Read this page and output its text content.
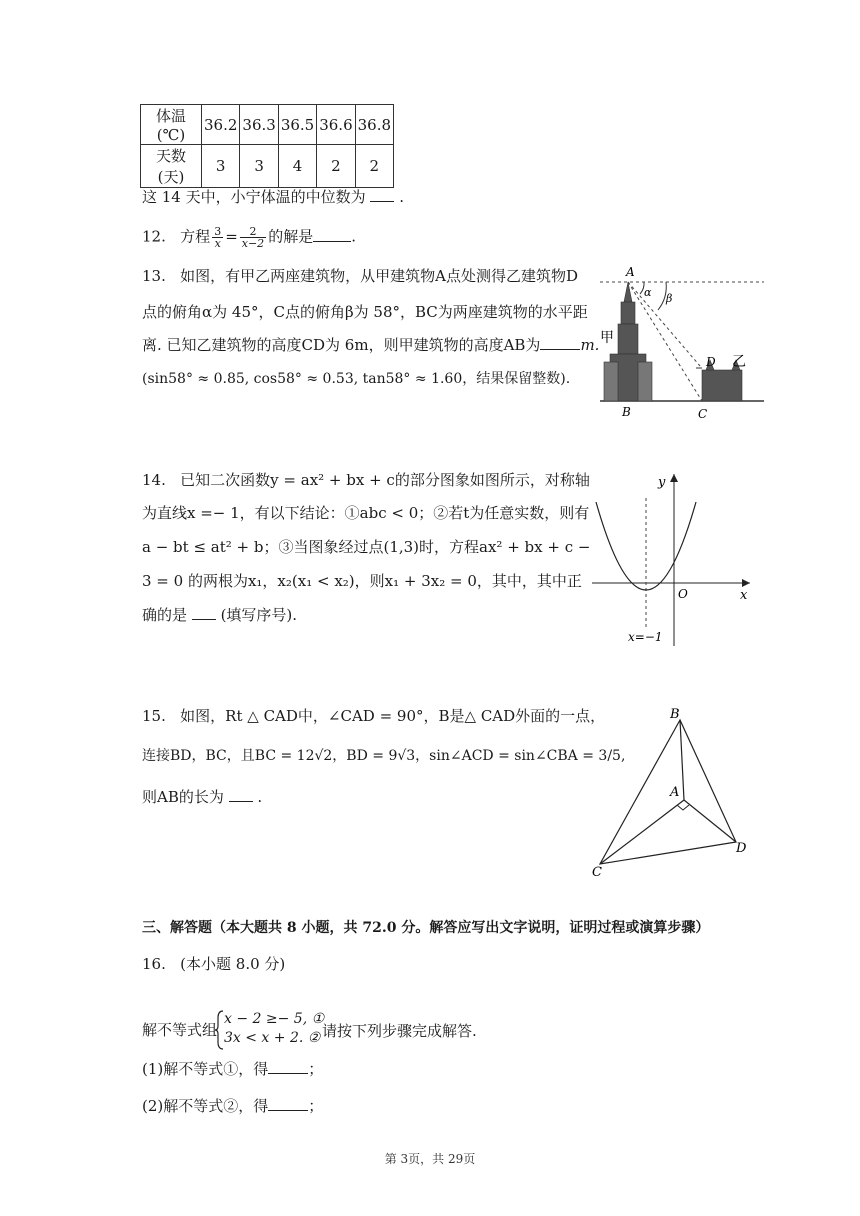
体温(℃)	36.2	36.3	36.5	36.6	36.8
天数(天)	3	3	4	2	2
这 14 天中，小宁体温的中位数为 .
12. 方程 $\frac{3}{x} = \frac{2}{x-2}$ 的解是	.
13. 如图，有甲乙两座建筑物，从甲建筑物A点处测得乙建筑物D
点的俯角α为 45°，C点的俯角β为 58°，BC为两座建筑物的水平距
离. 已知乙建筑物的高度CD为 6m，则甲建筑物的高度AB为	m.
(sin58° ≈ 0.85, cos58° ≈ 0.53, tan58° ≈ 1.60，结果保留整数).
A
α β
甲
D 乙
B	C
14. 已知二次函数y = ax² + bx + c的部分图象如图所示，对称轴
为直线x =− 1，有以下结论：①abc < 0；②若t为任意实数，则有
a − bt ≤ at² + b；③当图象经过点(1,3)时，方程ax² + bx + c −
3 = 0 的两根为x₁，x₂(x₁ < x₂)，则x₁ + 3x₂ = 0，其中，其中正
确的是 (填写序号).
y
x
O
x=−1
15. 如图，Rt △ CAD中，∠CAD = 90°，B是△ CAD外面的一点，
连接BD，BC，且BC = 12√2，BD = 9√3，sin∠ACD = sin∠CBA = 3/5,
则AB的长为 .
B
A
C
D
三、解答题（本大题共 8 小题，共 72.0 分。解答应写出文字说明，证明过程或演算步骤）
16. (本小题 8.0 分)
解不等式组
x − 2 ≥− 5, ①
3x < x + 2. ② 请按下列步骤完成解答.
(1)解不等式①，得	；
(2)解不等式②，得	；
第 3页，共 29页
